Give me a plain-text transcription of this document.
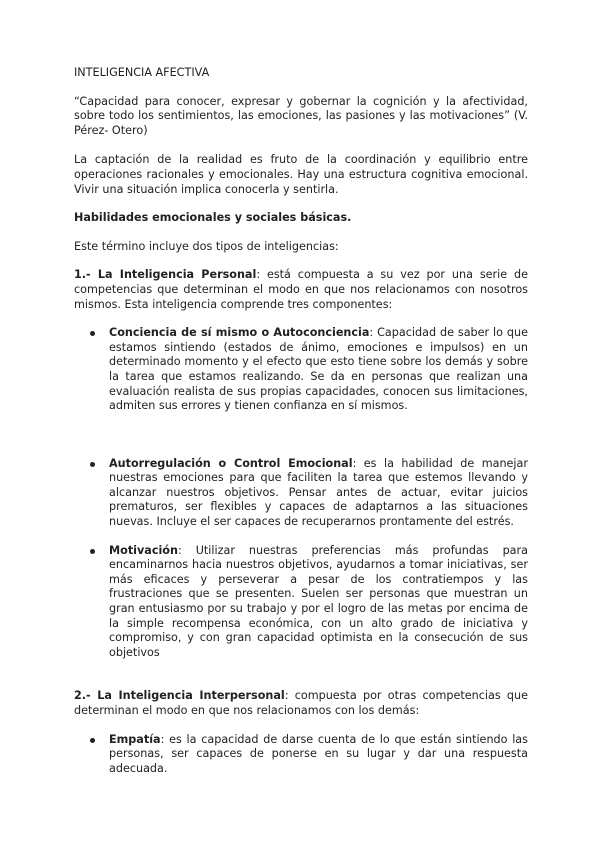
INTELIGENCIA AFECTIVA

“Capacidad para conocer, expresar y gobernar la cognición y la afectividad, sobre todo los sentimientos, las emociones, las pasiones y las motivaciones” (V. Pérez- Otero)

La captación de la realidad es fruto de la coordinación y equilibrio entre operaciones racionales y emocionales. Hay una estructura cognitiva emocional. Vivir una situación implica conocerla y sentirla.

Habilidades emocionales y sociales básicas.

Este término incluye dos tipos de inteligencias:

1.- La Inteligencia Personal: está compuesta a su vez por una serie de competencias que determinan el modo en que nos relacionamos con nosotros mismos. Esta inteligencia comprende tres componentes:

Conciencia de sí mismo o Autoconciencia: Capacidad de saber lo que estamos sintiendo (estados de ánimo, emociones e impulsos) en un determinado momento y el efecto que esto tiene sobre los demás y sobre la tarea que estamos realizando. Se da en personas que realizan una evaluación realista de sus propias capacidades, conocen sus limitaciones, admiten sus errores y tienen confianza en sí mismos.
Autorregulación o Control Emocional: es la habilidad de manejar nuestras emociones para que faciliten la tarea que estemos llevando y alcanzar nuestros objetivos. Pensar antes de actuar, evitar juicios prematuros, ser flexibles y capaces de adaptarnos a las situaciones nuevas. Incluye el ser capaces de recuperarnos prontamente del estrés.
Motivación: Utilizar nuestras preferencias más profundas para encaminarnos hacia nuestros objetivos, ayudarnos a tomar iniciativas, ser más eficaces y perseverar a pesar de los contratiempos y las frustraciones que se presenten. Suelen ser personas que muestran un gran entusiasmo por su trabajo y por el logro de las metas por encima de la simple recompensa económica, con un alto grado de iniciativa y compromiso, y con gran capacidad optimista en la consecución de sus objetivos

2.- La Inteligencia Interpersonal: compuesta por otras competencias que determinan el modo en que nos relacionamos con los demás:

Empatía: es la capacidad de darse cuenta de lo que están sintiendo las personas, ser capaces de ponerse en su lugar y dar una respuesta adecuada.
